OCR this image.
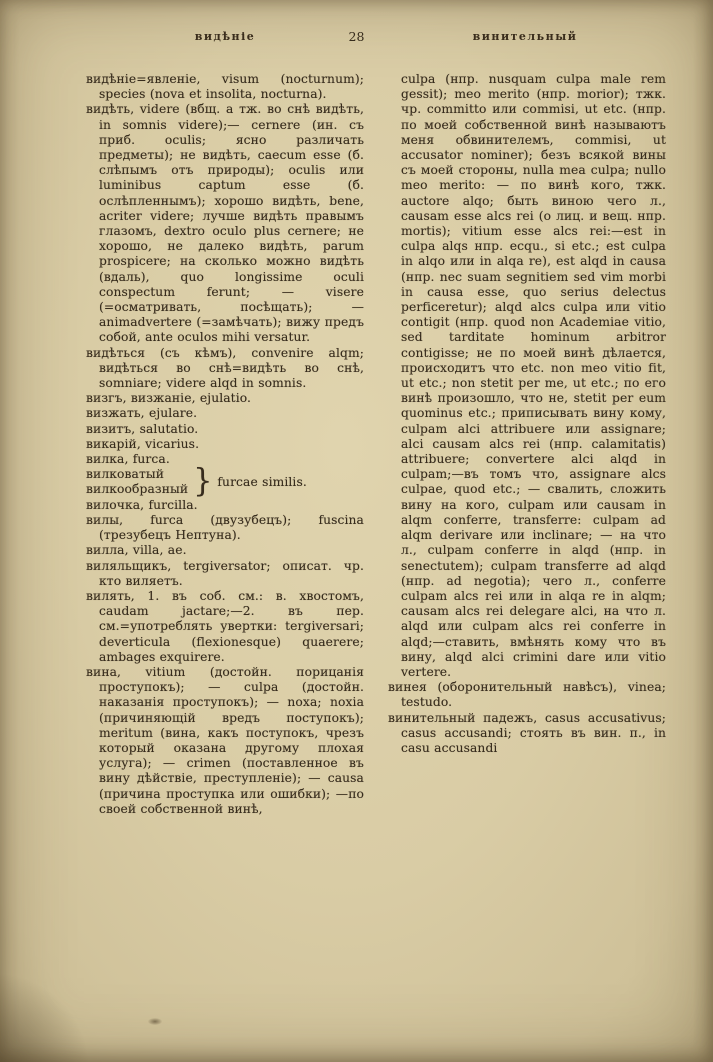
видѣніе	28	винительный

видѣніе=явленіе, visum (nocturnum); species (nova et insolita, nocturna).

видѣть, videre (вбщ. а тж. во снѣ видѣть, in somnis videre);— cernere (ин. съ приб. oculis; ясно различать предметы); не видѣть, caecum esse (б. слѣпымъ отъ природы); oculis или luminibus captum esse (б. ослѣпленнымъ); хорошо видѣть, bene, acriter videre; лучше видѣть правымъ глазомъ, dextro oculo plus cernere; не хорошо, не далеко видѣть, parum prospicere; на сколько можно видѣть (вдаль), quo longissime oculi conspectum ferunt; — visere (=осматривать, посѣщать); — animadvertere (=замѣчать); вижу предъ собой, ante oculos mihi versatur.

видѣться (съ кѣмъ), convenire alqm; видѣться во снѣ=видѣть во снѣ, somniare; videre alqd in somnis.

визгъ, визжаніе, ejulatio.

визжать, ejulare.

визитъ, salutatio.

викарій, vicarius.

вилка, furca.

вилковатый
вилкообразный } furcae similis.

вилочка, furcilla.

вилы, furca (двузубецъ); fuscina (трезубецъ Нептуна).

вилла, villa, ae.

виляльщикъ, tergiversator; описат. чр. кто виляетъ.

вилять, 1. въ соб. см.: в. хвостомъ, caudam jactare;—2. въ пер. см.=употреблять увертки: tergiversari; deverticula (flexionesque) quaerere; ambages exquirere.

вина, vitium (достойн. порицанія проступокъ); — culpa (достойн. наказанія проступокъ); — noxa; noxia (причиняющій вредъ поступокъ); meritum (вина, какъ поступокъ, чрезъ который оказана другому плохая услуга); — crimen (поставленное въ вину дѣйствіе, преступленіе); — causa (причина проступка или ошибки); —по своей собственной винѣ,

culpa (нпр. nusquam culpa male rem gessit); meo merito (нпр. morior); тжк. чр. committo или commisi, ut etc. (нпр. по моей собственной винѣ называютъ меня обвинителемъ, commisi, ut accusator nominer); безъ всякой вины съ моей стороны, nulla mea culpa; nullo meo merito: — по винѣ кого, тжк. auctore alqo; быть виною чего л., causam esse alcs rei (о лиц. и вещ. нпр. mortis); vitium esse alcs rei:—est in culpa alqs нпр. ecqu., si etc.; est culpa in alqo или in alqa re), est alqd in causa (нпр. nec suam segnitiem sed vim morbi in causa esse, quo serius delectus perficeretur); alqd alcs culpa или vitio contigit (нпр. quod non Academiae vitio, sed tarditate hominum arbitror contigisse; не по моей винѣ дѣлается, происходитъ что etc. non meo vitio fit, ut etc.; non stetit per me, ut etc.; по его винѣ произошло, что не, stetit per eum quominus etc.; приписывать вину кому, culpam alci attribuere или assignare; alci causam alcs rei (нпр. calamitatis) attribuere; convertere alci alqd in culpam;—въ томъ что, assignare alcs culpae, quod etc.; — свалить, сложить вину на кого, culpam или causam in alqm conferre, transferre: culpam ad alqm derivare или inclinare; — на что л., culpam conferre in alqd (нпр. in senectutem); culpam transferre ad alqd (нпр. ad negotia); чего л., conferre culpam alcs rei или in alqa re in alqm; causam alcs rei delegare alci, на что л. alqd или culpam alcs rei conferre in alqd;—ставить, вмѣнять кому что въ вину, alqd alci crimini dare или vitio vertere.

винея (оборонительный навѣсъ), vinea; testudo.

винительный падежъ, casus accusativus; casus accusandi; стоять въ вин. п., in casu accusandi
